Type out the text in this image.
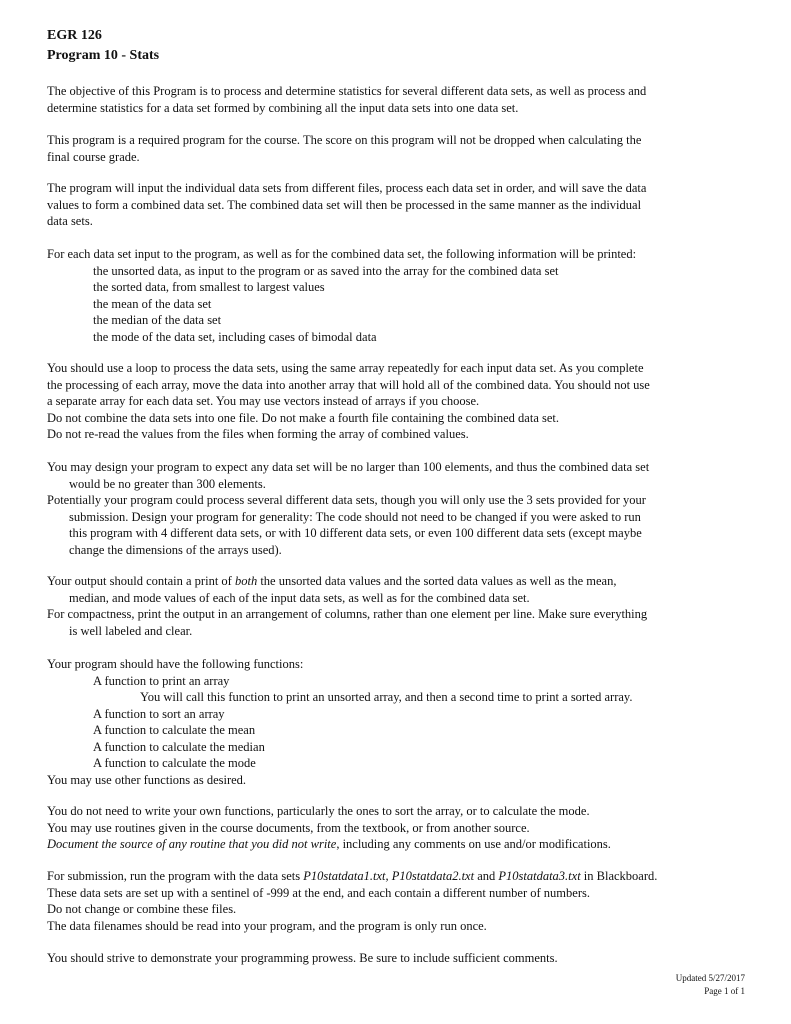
EGR 126
Program 10 - Stats
The objective of this Program is to process and determine statistics for several different data sets, as well as process and
determine statistics for a data set formed by combining all the input data sets into one data set.
This program is a required program for the course. The score on this program will not be dropped when calculating the
final course grade.
The program will input the individual data sets from different files, process each data set in order, and will save the data
values to form a combined data set. The combined data set will then be processed in the same manner as the individual
data sets.
For each data set input to the program, as well as for the combined data set, the following information will be printed:
the unsorted data, as input to the program or as saved into the array for the combined data set
the sorted data, from smallest to largest values
the mean of the data set
the median of the data set
the mode of the data set, including cases of bimodal data
You should use a loop to process the data sets, using the same array repeatedly for each input data set. As you complete
the processing of each array, move the data into another array that will hold all of the combined data. You should not use
a separate array for each data set. You may use vectors instead of arrays if you choose.
Do not combine the data sets into one file. Do not make a fourth file containing the combined data set.
Do not re-read the values from the files when forming the array of combined values.
You may design your program to expect any data set will be no larger than 100 elements, and thus the combined data set
would be no greater than 300 elements.
Potentially your program could process several different data sets, though you will only use the 3 sets provided for your
submission. Design your program for generality: The code should not need to be changed if you were asked to run
this program with 4 different data sets, or with 10 different data sets, or even 100 different data sets (except maybe
change the dimensions of the arrays used).
Your output should contain a print of both the unsorted data values and the sorted data values as well as the mean,
median, and mode values of each of the input data sets, as well as for the combined data set.
For compactness, print the output in an arrangement of columns, rather than one element per line. Make sure everything
is well labeled and clear.
Your program should have the following functions:
A function to print an array
You will call this function to print an unsorted array, and then a second time to print a sorted array.
A function to sort an array
A function to calculate the mean
A function to calculate the median
A function to calculate the mode
You may use other functions as desired.
You do not need to write your own functions, particularly the ones to sort the array, or to calculate the mode.
You may use routines given in the course documents, from the textbook, or from another source.
Document the source of any routine that you did not write, including any comments on use and/or modifications.
For submission, run the program with the data sets P10statdata1.txt, P10statdata2.txt and P10statdata3.txt in Blackboard.
These data sets are set up with a sentinel of -999 at the end, and each contain a different number of numbers.
Do not change or combine these files.
The data filenames should be read into your program, and the program is only run once.
You should strive to demonstrate your programming prowess. Be sure to include sufficient comments.
Updated 5/27/2017
Page 1 of 1
